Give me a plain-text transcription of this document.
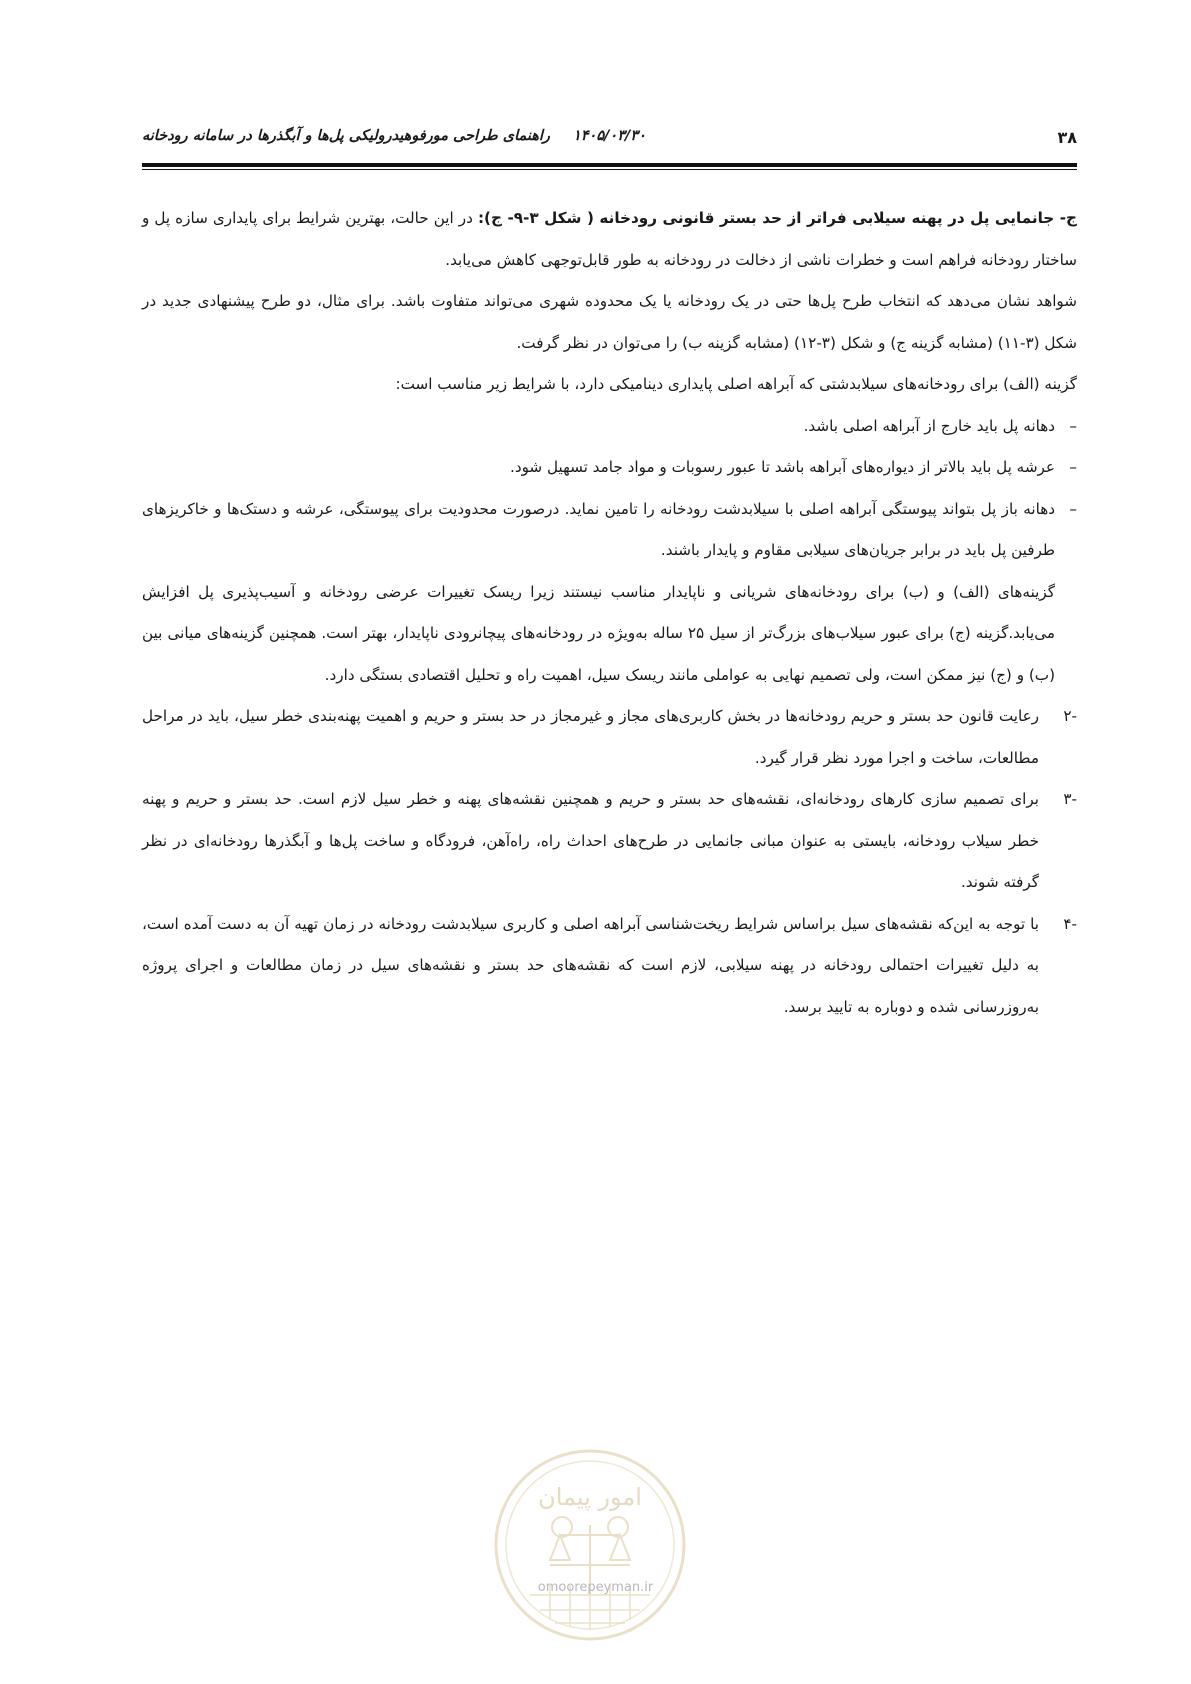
۳۸
۱۴۰۵/۰۳/۳۰ راهنمای طراحی مورفوهیدرولیکی پل‌ها و آبگذرها در سامانه رودخانه

ج- جانمایی پل در پهنه سیلابی فراتر از حد بستر قانونی رودخانه ( شکل ۳-۹- ج): در این حالت، بهترین شرایط برای پایداری سازه پل و ساختار رودخانه فراهم است و خطرات ناشی از دخالت در رودخانه به طور قابل‌توجهی کاهش می‌یابد.

شواهد نشان می‌دهد که انتخاب طرح پل‌ها حتی در یک رودخانه یا یک محدوده شهری می‌تواند متفاوت باشد. برای مثال، دو طرح پیشنهادی جدید در شکل (۳-۱۱) (مشابه گزینه ج) و شکل (۳-۱۲) (مشابه گزینه ب) را می‌توان در نظر گرفت.

گزینه (الف) برای رودخانه‌های سیلابدشتی که آبراهه اصلی پایداری دینامیکی دارد، با شرایط زیر مناسب است:

–
دهانه پل باید خارج از آبراهه اصلی باشد.
–
عرشه پل باید بالاتر از دیواره‌های آبراهه باشد تا عبور رسوبات و مواد جامد تسهیل شود.
–
دهانه باز پل بتواند پیوستگی آبراهه اصلی با سیلابدشت رودخانه را تامین نماید. درصورت محدودیت برای پیوستگی، عرشه و دستک‌ها و خاکریزهای طرفین پل باید در برابر جریان‌های سیلابی مقاوم و پایدار باشند.

گزینه‌های (الف) و (ب) برای رودخانه‌های شریانی و ناپایدار مناسب نیستند زیرا ریسک تغییرات عرضی رودخانه و آسیب‌پذیری پل افزایش می‌یابد.گزینه (ج) برای عبور سیلاب‌های بزرگ‌تر از سیل ۲۵ ساله به‌ویژه در رودخانه‌های پیچانرودی ناپایدار، بهتر است. همچنین گزینه‌های میانی بین (ب) و (ج) نیز ممکن است، ولی تصمیم نهایی به عواملی مانند ریسک سیل، اهمیت راه و تحلیل اقتصادی بستگی دارد.

-۲
رعایت قانون حد بستر و حریم رودخانه‌ها در بخش کاربری‌های مجاز و غیرمجاز در حد بستر و حریم و اهمیت پهنه‌بندی خطر سیل، باید در مراحل مطالعات، ساخت و اجرا مورد نظر قرار گیرد.
-۳
برای تصمیم سازی کارهای رودخانه‌ای، نقشه‌های حد بستر و حریم و همچنین نقشه‌های پهنه و خطر سیل لازم است. حد بستر و حریم و پهنه خطر سیلاب رودخانه، بایستی به عنوان مبانی جانمایی در طرح‌های احداث راه، راه‌آهن، فرودگاه و ساخت پل‌ها و آبگذرها رودخانه‌ای در نظر گرفته شوند.
-۴
با توجه به این‌که نقشه‌های سیل براساس شرایط ریخت‌شناسی آبراهه اصلی و کاربری سیلابدشت رودخانه در زمان تهیه آن به دست آمده است، به دلیل تغییرات احتمالی رودخانه در پهنه سیلابی، لازم است که نقشه‌های حد بستر و نقشه‌های سیل در زمان مطالعات و اجرای پروژه به‌روزرسانی شده و دوباره به تایید برسد.
امور پیمان
omoorepeyman.ir
